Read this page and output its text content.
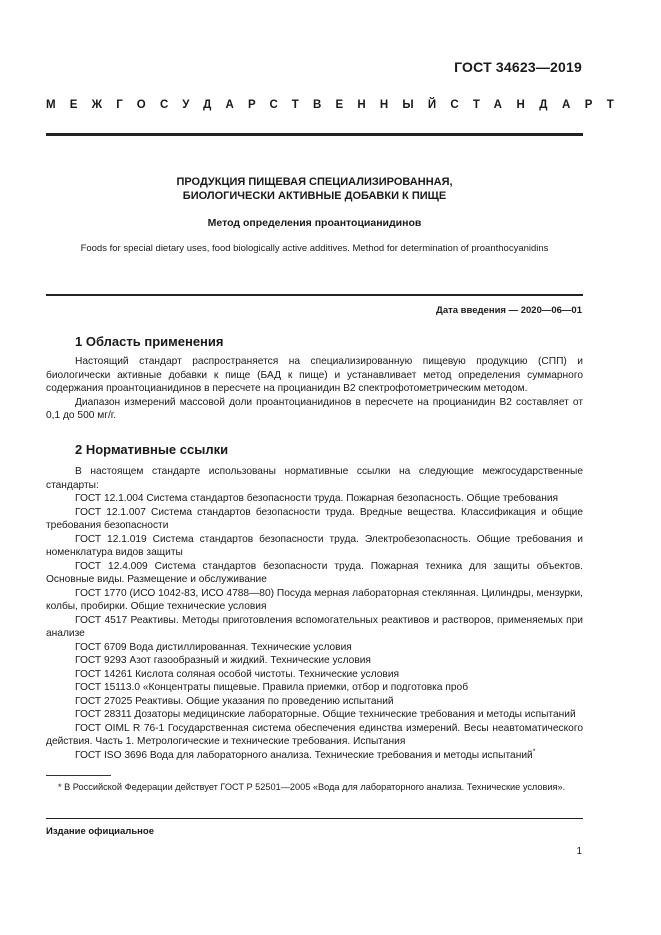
ГОСТ 34623—2019
МЕЖГОСУДАРСТВЕННЫЙ СТАНДАРТ
ПРОДУКЦИЯ ПИЩЕВАЯ СПЕЦИАЛИЗИРОВАННАЯ,
БИОЛОГИЧЕСКИ АКТИВНЫЕ ДОБАВКИ К ПИЩЕ
Метод определения проантоцианидинов
Foods for special dietary uses, food biologically active additives. Method for determination of proanthocyanidins
Дата введения — 2020—06—01
1 Область применения

Настоящий стандарт распространяется на специализированную пищевую продукцию (СПП) и биологически активные добавки к пище (БАД к пище) и устанавливает метод определения суммарного содержания проантоцианидинов в пересчете на процианидин В2 спектрофотометрическим методом.

Диапазон измерений массовой доли проантоцианидинов в пересчете на процианидин В2 составляет от 0,1 до 500 мг/г.

2 Нормативные ссылки

В настоящем стандарте использованы нормативные ссылки на следующие межгосударственные стандарты:

ГОСТ 12.1.004 Система стандартов безопасности труда. Пожарная безопасность. Общие требования

ГОСТ 12.1.007 Система стандартов безопасности труда. Вредные вещества. Классификация и общие требования безопасности

ГОСТ 12.1.019 Система стандартов безопасности труда. Электробезопасность. Общие требования и номенклатура видов защиты

ГОСТ 12.4.009 Система стандартов безопасности труда. Пожарная техника для защиты объектов. Основные виды. Размещение и обслуживание

ГОСТ 1770 (ИСО 1042-83, ИСО 4788—80) Посуда мерная лабораторная стеклянная. Цилиндры, мензурки, колбы, пробирки. Общие технические условия

ГОСТ 4517 Реактивы. Методы приготовления вспомогательных реактивов и растворов, применяемых при анализе

ГОСТ 6709 Вода дистиллированная. Технические условия

ГОСТ 9293 Азот газообразный и жидкий. Технические условия

ГОСТ 14261 Кислота соляная особой чистоты. Технические условия

ГОСТ 15113.0 «Концентраты пищевые. Правила приемки, отбор и подготовка проб

ГОСТ 27025 Реактивы. Общие указания по проведению испытаний

ГОСТ 28311 Дозаторы медицинские лабораторные. Общие технические требования и методы испытаний

ГОСТ OIML R 76-1 Государственная система обеспечения единства измерений. Весы неавтоматического действия. Часть 1. Метрологические и технические требования. Испытания

ГОСТ ISO 3696 Вода для лабораторного анализа. Технические требования и методы испытаний*

* В Российской Федерации действует ГОСТ Р 52501—2005 «Вода для лабораторного анализа. Технические условия».

Издание официальное
1
